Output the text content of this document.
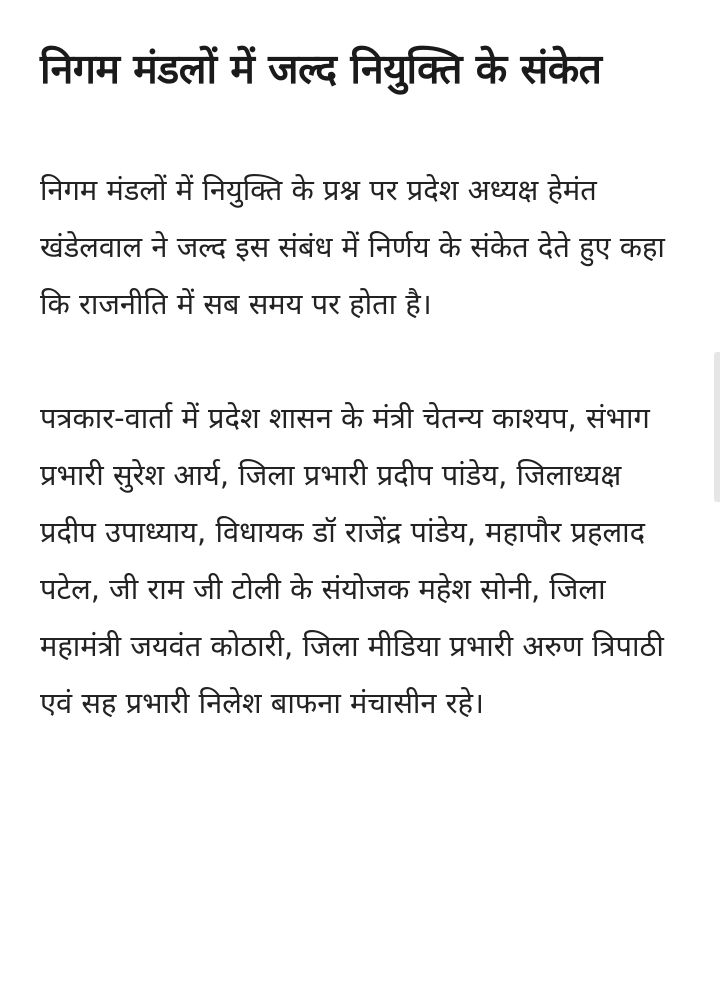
निगम मंडलों में जल्द नियुक्ति के संकेत

निगम मंडलों में नियुक्ति के प्रश्न पर प्रदेश अध्यक्ष हेमंत खंडेलवाल ने जल्द इस संबंध में निर्णय के संकेत देते हुए कहा कि राजनीति में सब समय पर होता है।

पत्रकार-वार्ता में प्रदेश शासन के मंत्री चेतन्य काश्यप, संभाग प्रभारी सुरेश आर्य, जिला प्रभारी प्रदीप पांडेय, जिलाध्यक्ष प्रदीप उपाध्याय, विधायक डॉ राजेंद्र पांडेय, महापौर प्रहलाद पटेल, जी राम जी टोली के संयोजक महेश सोनी, जिला महामंत्री जयवंत कोठारी, जिला मीडिया प्रभारी अरुण त्रिपाठी एवं सह प्रभारी निलेश बाफना मंचासीन रहे।
